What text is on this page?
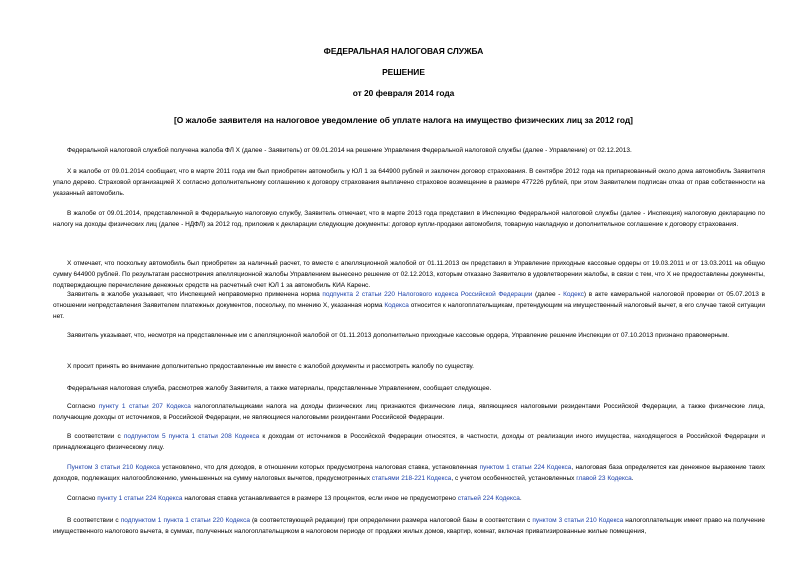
ФЕДЕРАЛЬНАЯ НАЛОГОВАЯ СЛУЖБА
РЕШЕНИЕ
от 20 февраля 2014 года
[О жалобе заявителя на налоговое уведомление об уплате налога на имущество физических лиц за 2012 год]
Федеральной налоговой службой получена жалоба ФЛ Х (далее - Заявитель) от 09.01.2014 на решение Управления Федеральной налоговой службы (далее - Управление) от 02.12.2013.
Х в жалобе от 09.01.2014 сообщает, что в марте 2011 года им был приобретен автомобиль у ЮЛ 1 за 644900 рублей и заключен договор страхования. В сентябре 2012 года на припаркованный около дома автомобиль Заявителя упало дерево. Страховой организацией Х согласно дополнительному соглашению к договору страхования выплачено страховое возмещение в размере 477226 рублей, при этом Заявителем подписан отказ от прав собственности на указанный автомобиль.
В жалобе от 09.01.2014, представленной в Федеральную налоговую службу, Заявитель отмечает, что в марте 2013 года представил в Инспекцию Федеральной налоговой службы (далее - Инспекция) налоговую декларацию по налогу на доходы физических лиц (далее - НДФЛ) за 2012 год, приложив к декларации следующие документы: договор купли-продажи автомобиля, товарную накладную и дополнительное соглашение к договору страхования.
Х отмечает, что поскольку автомобиль был приобретен за наличный расчет, то вместе с апелляционной жалобой от 01.11.2013 он представил в Управление приходные кассовые ордеры от 19.03.2011 и от 13.03.2011 на общую сумму 644900 рублей. По результатам рассмотрения апелляционной жалобы Управлением вынесено решение от 02.12.2013, которым отказано Заявителю в удовлетворении жалобы, в связи с тем, что Х не предоставлены документы, подтверждающие перечисление денежных средств на расчетный счет ЮЛ 1 за автомобиль КИА Каренс.
Заявитель в жалобе указывает, что Инспекцией неправомерно применена норма подпункта 2 статьи 220 Налогового кодекса Российской Федерации (далее - Кодекс) в акте камеральной налоговой проверки от 05.07.2013 в отношении непредставления Заявителем платежных документов, поскольку, по мнению Х, указанная норма Кодекса относится к налогоплательщикам, претендующим на имущественный налоговый вычет, в его случае такой ситуации нет.
Заявитель указывает, что, несмотря на представленные им с апелляционной жалобой от 01.11.2013 дополнительно приходные кассовые ордера, Управление решение Инспекции от 07.10.2013 признано правомерным.
Х просит принять во внимание дополнительно предоставленные им вместе с жалобой документы и рассмотреть жалобу по существу.
Федеральная налоговая служба, рассмотрев жалобу Заявителя, а также материалы, представленные Управлением, сообщает следующее.
Согласно пункту 1 статьи 207 Кодекса налогоплательщиками налога на доходы физических лиц признаются физические лица, являющиеся налоговыми резидентами Российской Федерации, а также физические лица, получающие доходы от источников, в Российской Федерации, не являющиеся налоговыми резидентами Российской Федерации.
В соответствии с подпунктом 5 пункта 1 статьи 208 Кодекса к доходам от источников в Российской Федерации относятся, в частности, доходы от реализации иного имущества, находящегося в Российской Федерации и принадлежащего физическому лицу.
Пунктом 3 статьи 210 Кодекса установлено, что для доходов, в отношении которых предусмотрена налоговая ставка, установленная пунктом 1 статьи 224 Кодекса, налоговая база определяется как денежное выражение таких доходов, подлежащих налогообложению, уменьшенных на сумму налоговых вычетов, предусмотренных статьями 218-221 Кодекса, с учетом особенностей, установленных главой 23 Кодекса.
Согласно пункту 1 статьи 224 Кодекса налоговая ставка устанавливается в размере 13 процентов, если иное не предусмотрено статьей 224 Кодекса.
В соответствии с подпунктом 1 пункта 1 статьи 220 Кодекса (в соответствующей редакции) при определении размера налоговой базы в соответствии с пунктом 3 статьи 210 Кодекса налогоплательщик имеет право на получение имущественного налогового вычета, в суммах, полученных налогоплательщиком в налоговом периоде от продажи жилых домов, квартир, комнат, включая приватизированные жилые помещения,
